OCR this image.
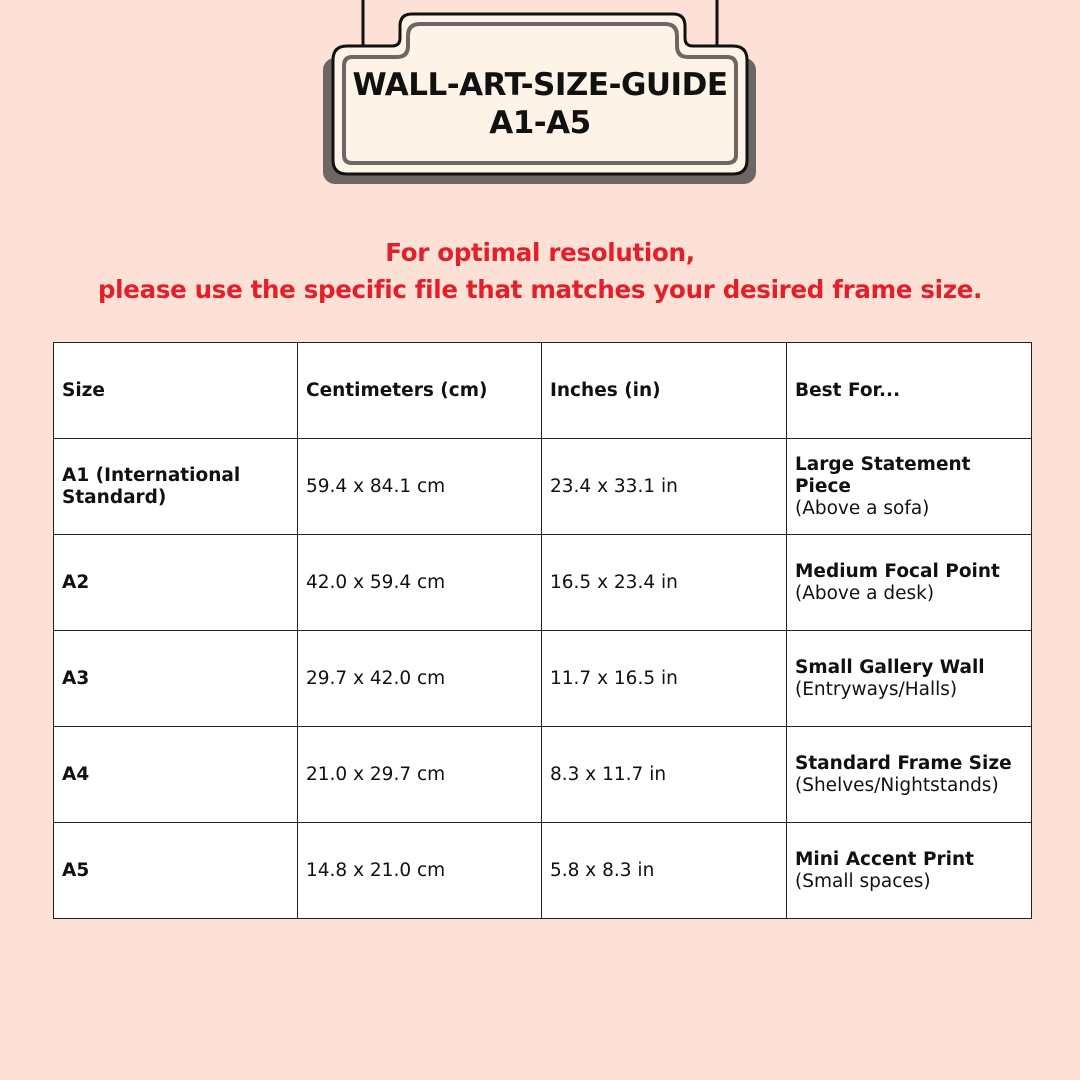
WALL-ART-SIZE-GUIDE
A1-A5
For optimal resolution,
please use the specific file that matches your desired frame size.
Size	Centimeters (cm)	Inches (in)	Best For...
A1 (International Standard)	59.4 x 84.1 cm	23.4 x 33.1 in	Large Statement Piece
(Above a sofa)
A2	42.0 x 59.4 cm	16.5 x 23.4 in	Medium Focal Point
(Above a desk)
A3	29.7 x 42.0 cm	11.7 x 16.5 in	Small Gallery Wall
(Entryways/Halls)
A4	21.0 x 29.7 cm	8.3 x 11.7 in	Standard Frame Size
(Shelves/Nightstands)
A5	14.8 x 21.0 cm	5.8 x 8.3 in	Mini Accent Print (Small spaces)
